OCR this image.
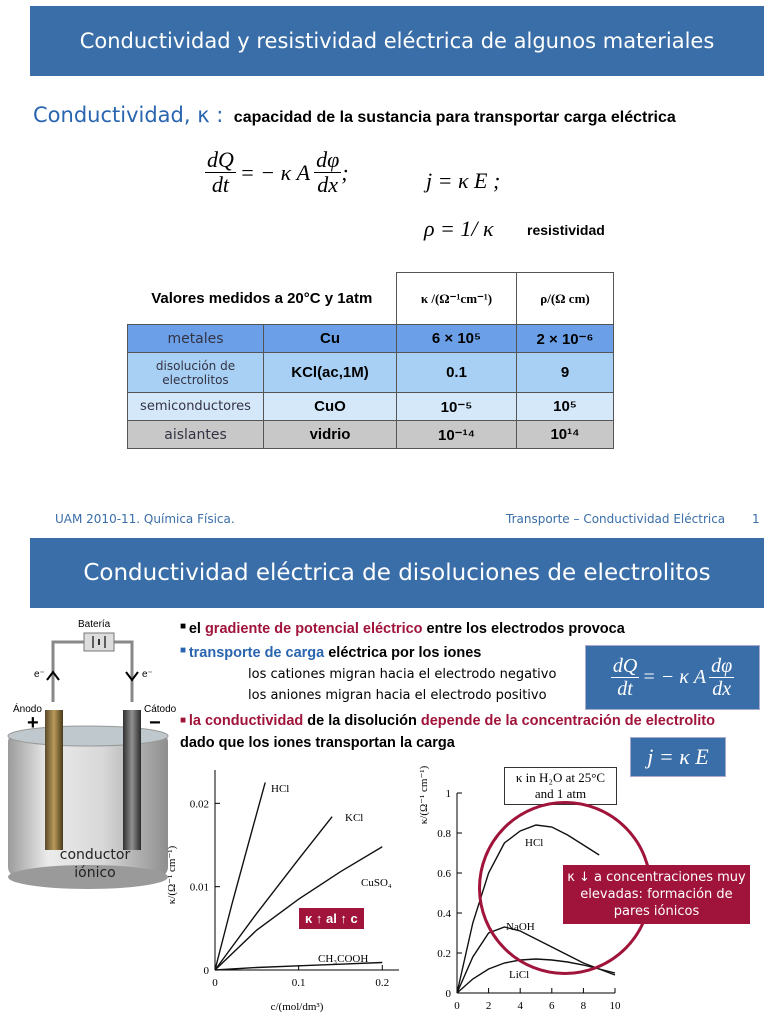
Conductividad y resistividad eléctrica de algunos materiales
Conductividad, κ : capacidad de la sustancia para transportar carga eléctrica
$\frac{dQ}{dt}$ = − κ A $\frac{d\varphi}{dx}$ ;	j = κ E ;
ρ = 1/ κ resistividad
Valores medidos a 20°C y 1atm		κ /(Ω⁻¹cm⁻¹)	ρ/(Ω cm)
metales	Cu	6 × 10⁵	2 × 10⁻⁶
disolución de electrolitos	KCl(ac,1M)	0.1	9
semiconductores	CuO	10⁻⁵	10⁵
aislantes	vidrio	10⁻¹⁴	10¹⁴
UAM 2010-11. Química Física.	Transporte – Conductividad Eléctrica 1
Conductividad eléctrica de disoluciones de electrolitos
Batería
e⁻	e⁻
Ánodo	Cátodo
+	−
conductor iónico
■ el gradiente de potencial eléctrico entre los electrodos provoca
■ transporte de carga eléctrica por los iones
los cationes migran hacia el electrodo negativo
los aniones migran hacia el electrodo positivo
■ la conductividad de la disolución depende de la concentración de electrolito dado que los iones transportan la carga
$\frac{dQ}{dt}$ = − κ A $\frac{d\varphi}{dx}$
j = κ E
0
0.01
0.02
0	0.1	0.2
HCl
KCl
CuSO₄
CH₃COOH
κ/(Ω⁻¹ cm⁻¹)
c/(mol/dm³)
0
0.2
0.4
0.6
0.8
1
0 2 4 6 8 10
HCl
NaOH
LiCl
κ/(Ω⁻¹ cm⁻¹)
κ ↑ al ↑ c
κ in H₂O at 25°C and 1 atm
κ ↓ a concentraciones muy elevadas: formación de pares iónicos
